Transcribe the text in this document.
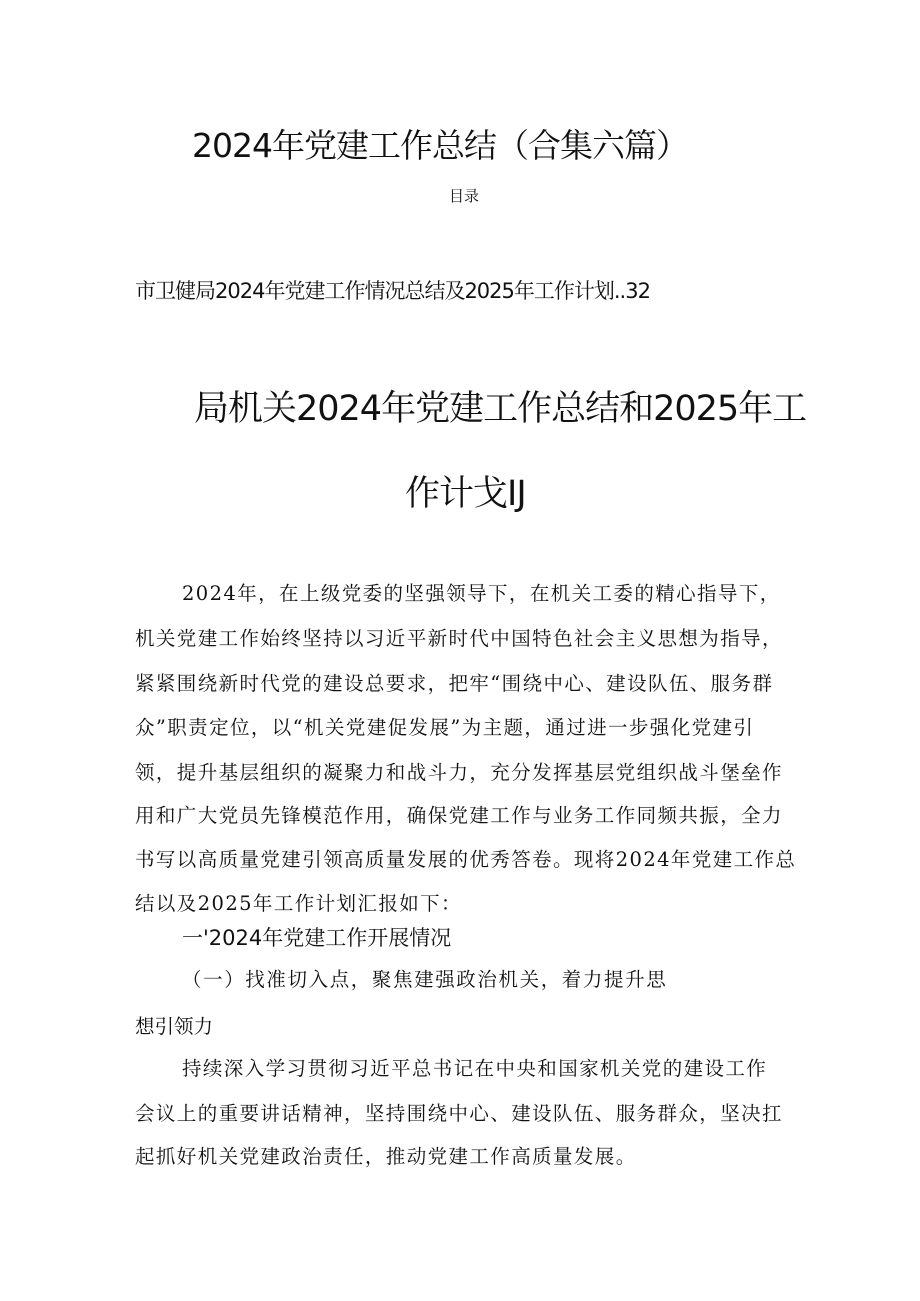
2024年党建工作总结（合集六篇）
目录
市卫健局2024年党建工作情况总结及2025年工作计划..32
局机关2024年党建工作总结和2025年工
作计戈IJ
2024年，在上级党委的坚强领导下，在机关工委的精心指导下，
机关党建工作始终坚持以习近平新时代中国特色社会主义思想为指导，
紧紧围绕新时代党的建设总要求，把牢“围绕中心、建设队伍、服务群
众”职责定位，以“机关党建促发展”为主题，通过进一步强化党建引
领，提升基层组织的凝聚力和战斗力，充分发挥基层党组织战斗堡垒作
用和广大党员先锋模范作用，确保党建工作与业务工作同频共振，全力
书写以高质量党建引领高质量发展的优秀答卷。现将2024年党建工作总
结以及2025年工作计划汇报如下：
一'2024年党建工作开展情况
（一）找准切入点，聚焦建强政治机关，着力提升思
想引领力
持续深入学习贯彻习近平总书记在中央和国家机关党的建设工作
会议上的重要讲话精神，坚持围绕中心、建设队伍、服务群众，坚决扛
起抓好机关党建政治责任，推动党建工作高质量发展。
